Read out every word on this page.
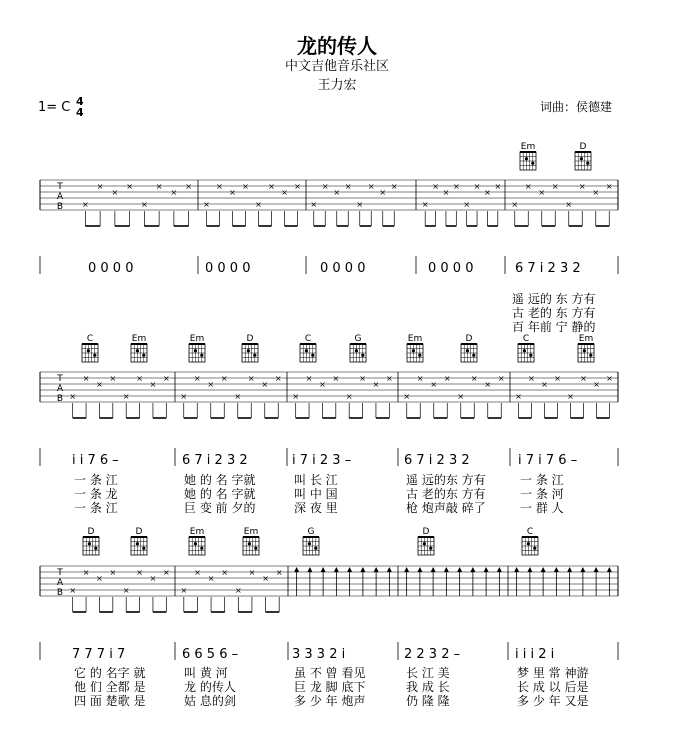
龙的传人
中文吉他音乐社区
王力宏
1= C 4
4	词曲：侯德建
Em	D
T
A
B ×
×
×
×
×
×
×
×
×
×
×
×
×
×
×
×
×
×
×
×
×
×
×
×
×
×
×
×
×
×
×
×
×
×
×
×
×
×
×
×
0 0 0 0	0 0 0 0	0 0 0 0	0 0 0 0	6 7 i 2 3 2
遥 远的 东 方有
古 老的 东 方有
百 年前 宁 静的
C	Em	Em	D	C	G	Em	D	C	Em
T
A
B ×
×
×
×
×
×
×
×
×
×
×
×
×
×
×
×
×
×
×
×
×
×
×
×
×
×
×
×
×
×
×
×
×
×
×
×
×
×
×
×
i i 7 6 –	6 7 i 2 3 2	i 7 i 2 3 –	6 7 i 2 3 2	i 7 i 7 6 –
一 条 江	她 的 名 字就	叫 长 江	遥 远的东 方有	一 条 江
一 条 龙	她 的 名 字就	叫 中 国	古 老的东 方有	一 条 河
一 条 江	巨 变 前 夕的	深 夜 里	枪 炮声敲 碎了	一 群 人
D	D	Em	Em	G	D	C
T
A
B ×
×
×
×
×
×
×
×
×
×
×
×
×
×
×
×
7 7 7 i 7	6 6 5 6 –	3 3 3 2 i	2 2 3 2 –	i i i 2 i
它 的 名字 就	叫 黄 河	虽 不 曾 看见	长 江 美	梦 里 常 神游
他 们 全都 是	龙 的传人	巨 龙 脚 底下	我 成 长	长 成 以 后是
四 面 楚歌 是	姑 息的剑	多 少 年 炮声	仍 隆 隆	多 少 年 又是
